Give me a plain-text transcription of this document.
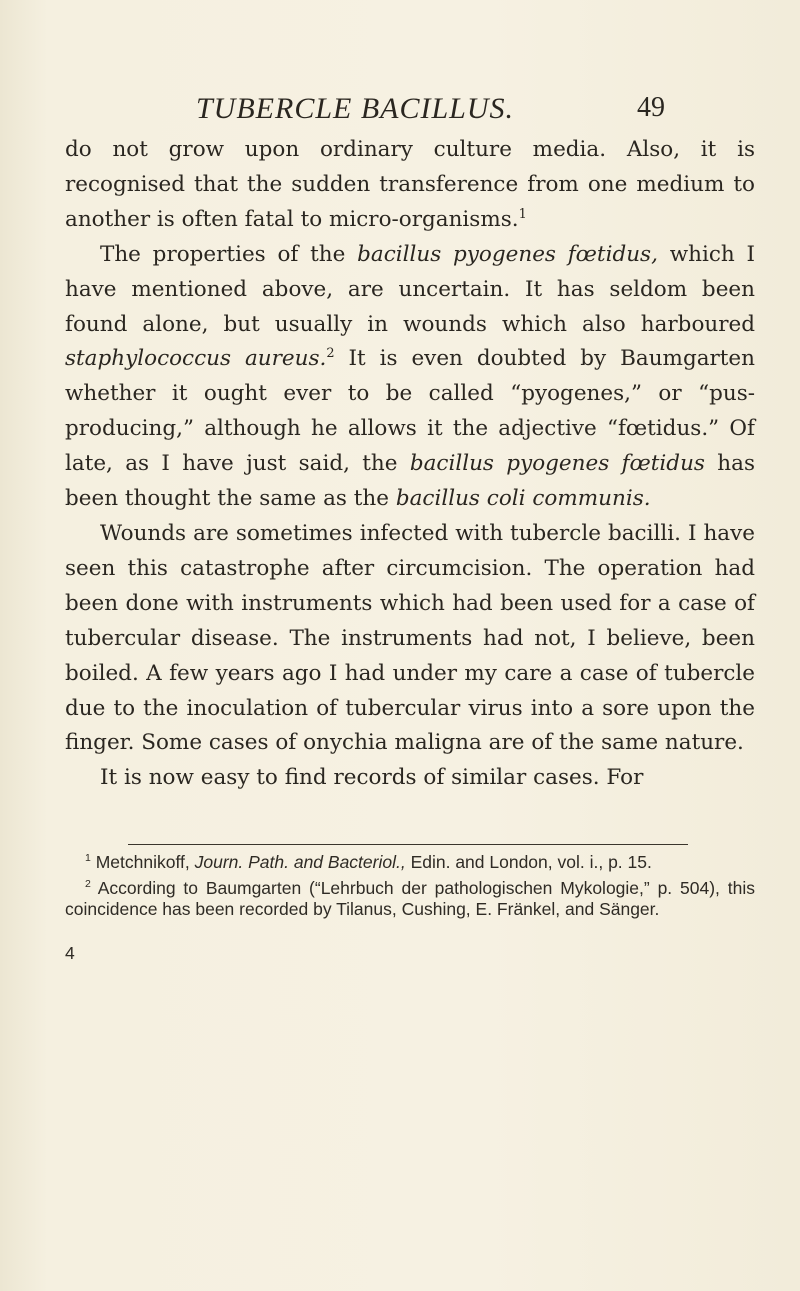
TUBERCLE BACILLUS.	49

do not grow upon ordinary culture media. Also, it is recognised that the sudden transference from one medium to another is often fatal to micro-organisms.$^1$

The properties of the bacillus pyogenes fœtidus, which I have mentioned above, are uncertain. It has seldom been found alone, but usually in wounds which also harboured staphylococcus aureus.$^2$ It is even doubted by Baumgarten whether it ought ever to be called “pyogenes,” or “pus-producing,” although he allows it the adjective “fœtidus.” Of late, as I have just said, the bacillus pyogenes fœtidus has been thought the same as the bacillus coli communis.

Wounds are sometimes infected with tubercle bacilli. I have seen this catastrophe after circumcision. The operation had been done with instruments which had been used for a case of tubercular disease. The instruments had not, I believe, been boiled. A few years ago I had under my care a case of tubercle due to the inoculation of tubercular virus into a sore upon the finger. Some cases of onychia maligna are of the same nature.

It is now easy to find records of similar cases. For

$^1$ Metchnikoff, Journ. Path. and Bacteriol., Edin. and London, vol. i., p. 15.

$^2$ According to Baumgarten (“Lehrbuch der pathologischen Mykologie,” p. 504), this coincidence has been recorded by Tilanus, Cushing, E. Fränkel, and Sänger.

4
